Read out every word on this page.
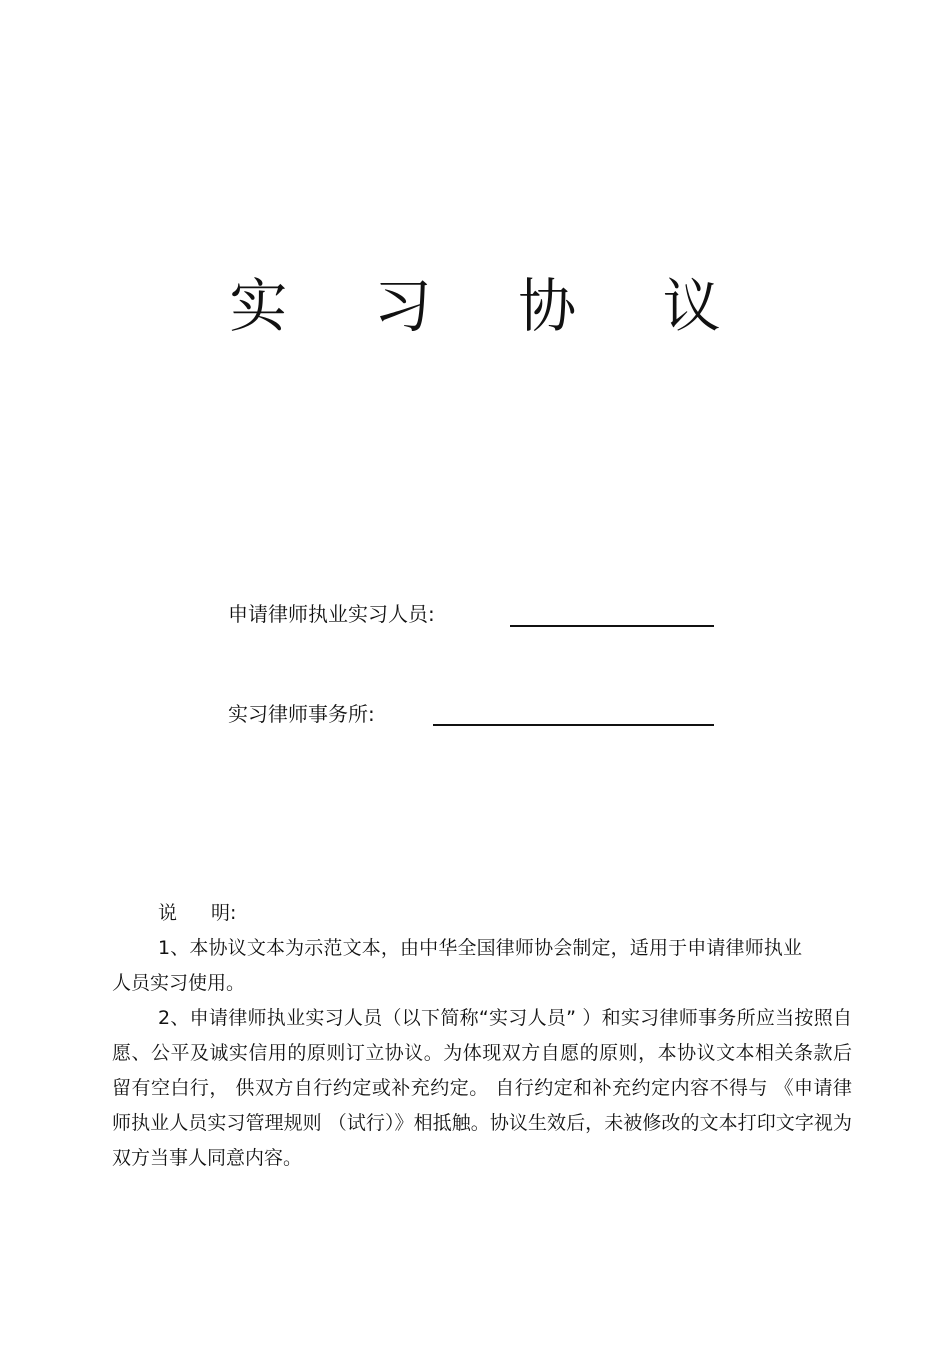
实 习 协 议
申请律师执业实习人员:
实习律师事务所:
说 明:

1、本协议文本为示范文本，由中华全国律师协会制定，适用于申请律师执业人员实习使用。

2、申请律师执业实习人员（以下简称“实习人员” ）和实习律师事务所应当按照自愿、公平及诚实信用的原则订立协议。为体现双方自愿的原则，本协议文本相关条款后留有空白行， 供双方自行约定或补充约定。 自行约定和补充约定内容不得与 《申请律师执业人员实习管理规则 （试行）》相抵触。协议生效后，未被修改的文本打印文字视为双方当事人同意内容。
